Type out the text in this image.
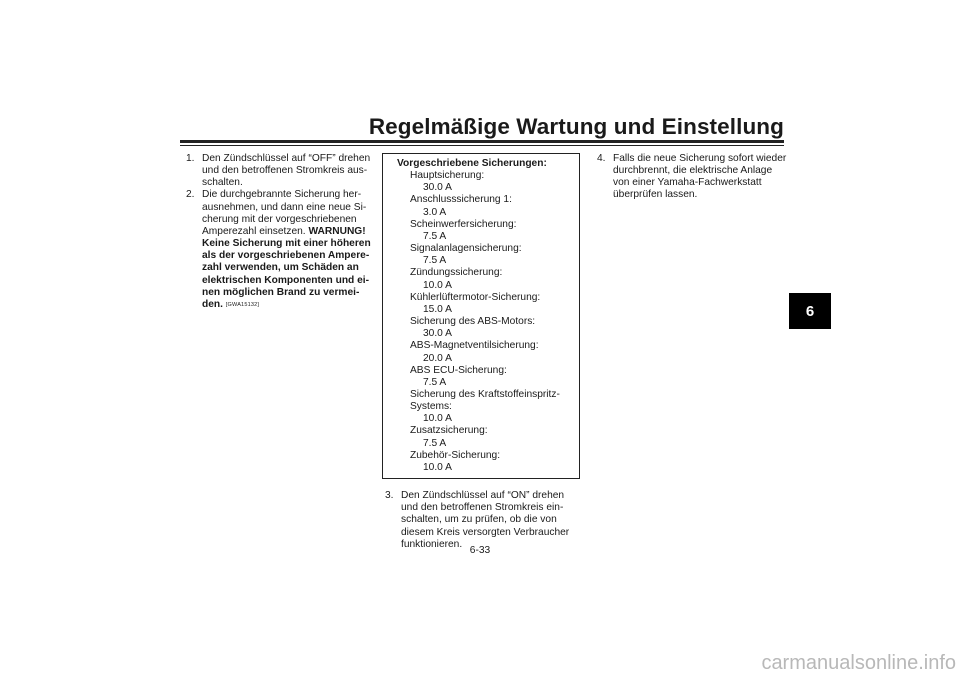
Regelmäßige Wartung und Einstellung
6
1. Den Zündschlüssel auf “OFF” drehen
und den betroffenen Stromkreis aus-
schalten.
2. Die durchgebrannte Sicherung her-
ausnehmen, und dann eine neue Si-
cherung mit der vorgeschriebenen
Amperezahl einsetzen. WARNUNG!
Keine Sicherung mit einer höheren
als der vorgeschriebenen Ampere-
zahl verwenden, um Schäden an
elektrischen Komponenten und ei-
nen möglichen Brand zu vermei-
den. [GWA15132]
Vorgeschriebene Sicherungen:
Hauptsicherung:
30.0 A
Anschlusssicherung 1:
3.0 A
Scheinwerfersicherung:
7.5 A
Signalanlagensicherung:
7.5 A
Zündungssicherung:
10.0 A
Kühlerlüftermotor-Sicherung:
15.0 A
Sicherung des ABS-Motors:
30.0 A
ABS-Magnetventilsicherung:
20.0 A
ABS ECU-Sicherung:
7.5 A
Sicherung des Kraftstoffeinspritz-
Systems:
10.0 A
Zusatzsicherung:
7.5 A
Zubehör-Sicherung:
10.0 A
3. Den Zündschlüssel auf “ON” drehen
und den betroffenen Stromkreis ein-
schalten, um zu prüfen, ob die von
diesem Kreis versorgten Verbraucher
funktionieren.
4. Falls die neue Sicherung sofort wieder
durchbrennt, die elektrische Anlage
von einer Yamaha-Fachwerkstatt
überprüfen lassen.
6-33
carmanualsonline.info
